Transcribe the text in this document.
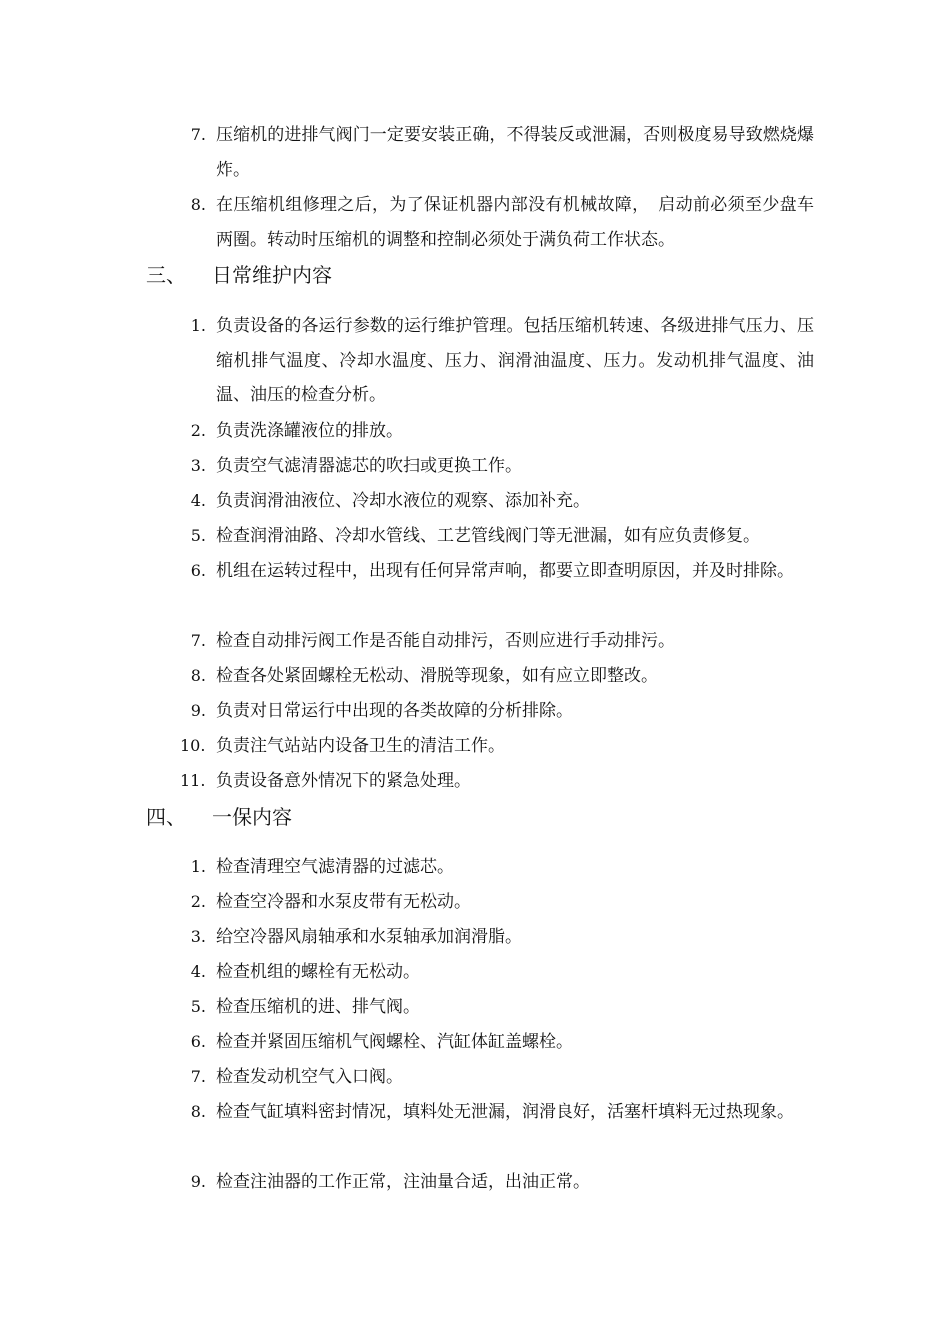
7. 压缩机的进排气阀门一定要安装正确，不得装反或泄漏，否则极度易导致燃烧爆炸。
8. 在压缩机组修理之后，为了保证机器内部没有机械故障，　启动前必须至少盘车两圈。转动时压缩机的调整和控制必须处于满负荷工作状态。
三、 日常维护内容
1. 负责设备的各运行参数的运行维护管理。包括压缩机转速、各级进排气压力、压缩机排气温度、冷却水温度、压力、润滑油温度、压力。发动机排气温度、油温、油压的检查分析。
2. 负责洗涤罐液位的排放。
3. 负责空气滤清器滤芯的吹扫或更换工作。
4. 负责润滑油液位、冷却水液位的观察、添加补充。
5. 检查润滑油路、冷却水管线、工艺管线阀门等无泄漏，如有应负责修复。
6. 机组在运转过程中，出现有任何异常声响，都要立即查明原因，并及时排除。
7. 检查自动排污阀工作是否能自动排污，否则应进行手动排污。
8. 检查各处紧固螺栓无松动、滑脱等现象，如有应立即整改。
9. 负责对日常运行中出现的各类故障的分析排除。
10. 负责注气站站内设备卫生的清洁工作。
11. 负责设备意外情况下的紧急处理。
四、 一保内容
1. 检查清理空气滤清器的过滤芯。
2. 检查空冷器和水泵皮带有无松动。
3. 给空冷器风扇轴承和水泵轴承加润滑脂。
4. 检查机组的螺栓有无松动。
5. 检查压缩机的进、排气阀。
6. 检查并紧固压缩机气阀螺栓、汽缸体缸盖螺栓。
7. 检查发动机空气入口阀。
8. 检查气缸填料密封情况，填料处无泄漏，润滑良好，活塞杆填料无过热现象。
9. 检查注油器的工作正常，注油量合适，出油正常。
